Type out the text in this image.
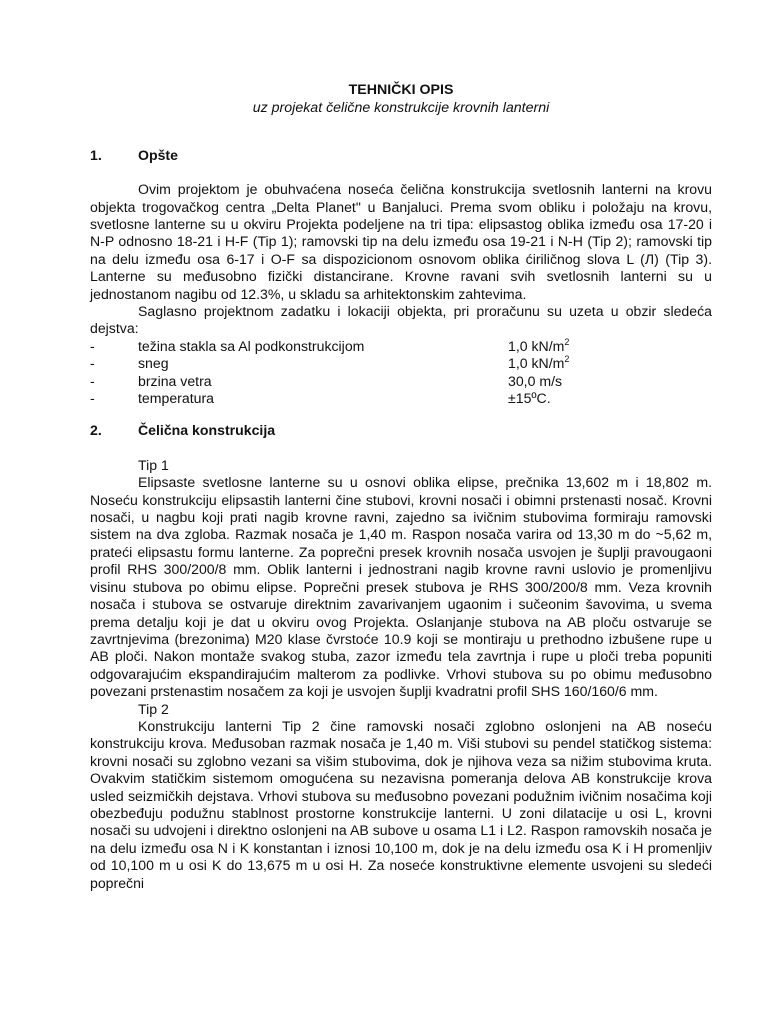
TEHNIČKI OPIS
uz projekat čelične konstrukcije krovnih lanterni
1.	Opšte

Ovim projektom je obuhvaćena noseća čelična konstrukcija svetlosnih lanterni na krovu objekta trogovačkog centra „Delta Planet" u Banjaluci. Prema svom obliku i položaju na krovu, svetlosne lanterne su u okviru Projekta podeljene na tri tipa: elipsastog oblika između osa 17-20 i N-P odnosno 18-21 i H-F (Tip 1); ramovski tip na delu između osa 19-21 i N-H (Tip 2); ramovski tip na delu između osa 6-17 i O-F sa dispozicionom osnovom oblika ćiriličnog slova L (Л) (Tip 3). Lanterne su međusobno fizički distancirane. Krovne ravani svih svetlosnih lanterni su u jednostanom nagibu od 12.3%, u skladu sa arhitektonskim zahtevima.

Saglasno projektnom zadatku i lokaciji objekta, pri proračunu su uzeta u obzir sledeća dejstva:

-	težina stakla sa Al podkonstrukcijom	1,0 $kN/m^2$
-	sneg	1,0 $kN/m^2$
-	brzina vetra	30,0 m/s
-	temperatura	±15ºC.
2.	Čelična konstrukcija
Tip 1

Elipsaste svetlosne lanterne su u osnovi oblika elipse, prečnika 13,602 m i 18,802 m. Noseću konstrukciju elipsastih lanterni čine stubovi, krovni nosači i obimni prstenasti nosač. Krovni nosači, u nagbu koji prati nagib krovne ravni, zajedno sa ivičnim stubovima formiraju ramovski sistem na dva zgloba. Razmak nosača je 1,40 m. Raspon nosača varira od 13,30 m do ~5,62 m, prateći elipsastu formu lanterne. Za poprečni presek krovnih nosača usvojen je šuplji pravougaoni profil RHS 300/200/8 mm. Oblik lanterni i jednostrani nagib krovne ravni uslovio je promenljivu visinu stubova po obimu elipse. Poprečni presek stubova je RHS 300/200/8 mm. Veza krovnih nosača i stubova se ostvaruje direktnim zavarivanjem ugaonim i sučeonim šavovima, u svema prema detalju koji je dat u okviru ovog Projekta. Oslanjanje stubova na AB ploču ostvaruje se zavrtnjevima (brezonima) M20 klase čvrstoće 10.9 koji se montiraju u prethodno izbušene rupe u AB ploči. Nakon montaže svakog stuba, zazor između tela zavrtnja i rupe u ploči treba popuniti odgovarajućim ekspandirajućim malterom za podlivke. Vrhovi stubova su po obimu međusobno povezani prstenastim nosačem za koji je usvojen šuplji kvadratni profil SHS 160/160/6 mm.

Tip 2

Konstrukciju lanterni Tip 2 čine ramovski nosači zglobno oslonjeni na AB noseću konstrukciju krova. Međusoban razmak nosača je 1,40 m. Viši stubovi su pendel statičkog sistema: krovni nosači su zglobno vezani sa višim stubovima, dok je njihova veza sa nižim stubovima kruta. Ovakvim statičkim sistemom omogućena su nezavisna pomeranja delova AB konstrukcije krova usled seizmičkih dejstava. Vrhovi stubova su međusobno povezani podužnim ivičnim nosačima koji obezbeđuju podužnu stablnost prostorne konstrukcije lanterni. U zoni dilatacije u osi L, krovni nosači su udvojeni i direktno oslonjeni na AB subove u osama L1 i L2. Raspon ramovskih nosača je na delu između osa N i K konstantan i iznosi 10,100 m, dok je na delu između osa K i H promenljiv od 10,100 m u osi K do 13,675 m u osi H. Za noseće konstruktivne elemente usvojeni su sledeći poprečni
